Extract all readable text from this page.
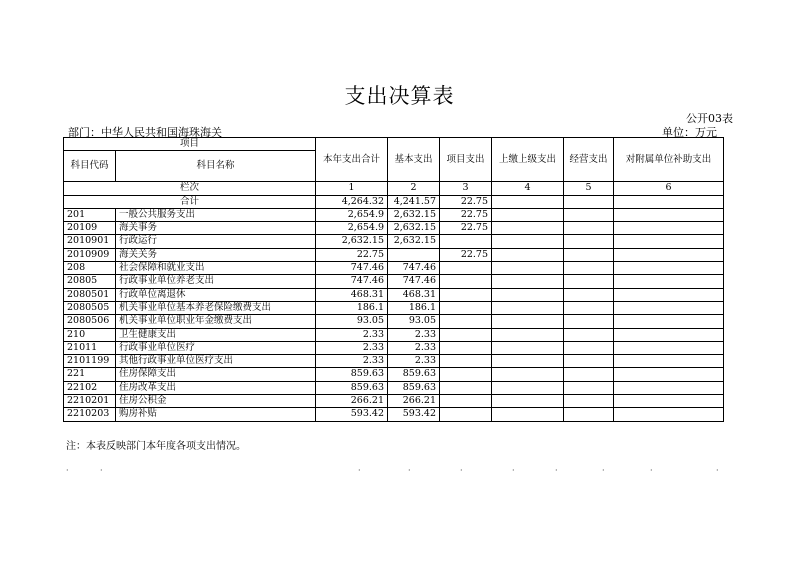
支出决算表
公开03表
部门：中华人民共和国海珠海关	单位：万元
项目		本年支出合计	基本支出	项目支出	上缴上级支出	经营支出	对附属单位补助支出
科目代码	科目名称						
栏次		1	2	3	4	5	6
合计		4,264.32	4,241.57	22.75			
201	一般公共服务支出	2,654.9	2,632.15	22.75			
20109	海关事务	2,654.9	2,632.15	22.75			
2010901	行政运行	2,632.15	2,632.15				
2010909	海关关务	22.75		22.75			
208	社会保障和就业支出	747.46	747.46				
20805	行政事业单位养老支出	747.46	747.46				
2080501	行政单位离退休	468.31	468.31				
2080505	机关事业单位基本养老保险缴费支出	186.1	186.1				
2080506	机关事业单位职业年金缴费支出	93.05	93.05				
210	卫生健康支出	2.33	2.33				
21011	行政事业单位医疗	2.33	2.33				
2101199	其他行政事业单位医疗支出	2.33	2.33				
221	住房保障支出	859.63	859.63				
22102	住房改革支出	859.63	859.63				
2210201	住房公积金	266.21	266.21				
2210203	购房补贴	593.42	593.42				
注：本表反映部门本年度各项支出情况。
·	·	·	·	·	·	·	·	·	·
